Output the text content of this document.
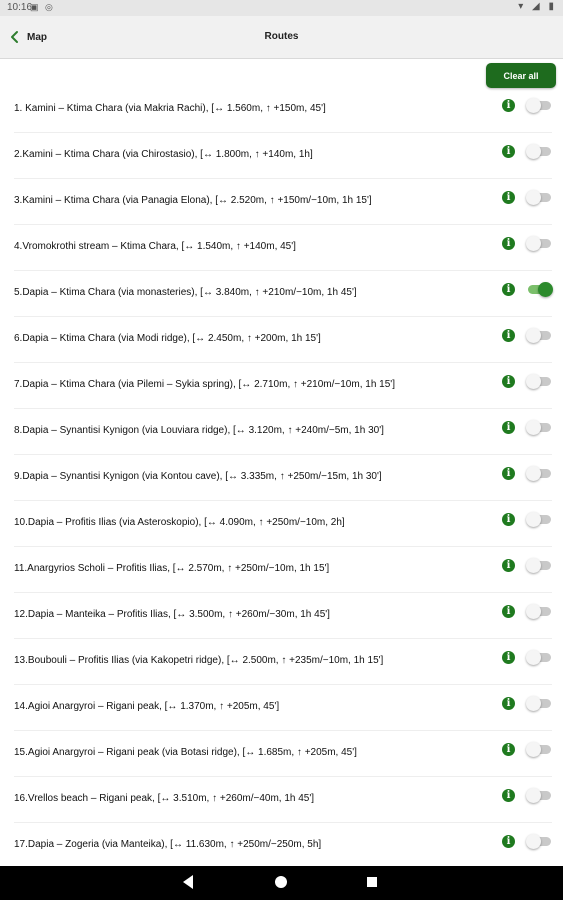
10:16
▣ ◎	▾ ◢ ▮
Map	Routes
Clear all
1. Kamini – Ktima Chara (via Makria Rachi), [↔ 1.560m, ↑ +150m, 45']	i
2.Kamini – Ktima Chara (via Chirostasio), [↔ 1.800m, ↑ +140m, 1h]	i
3.Kamini – Ktima Chara (via Panagia Elona), [↔ 2.520m, ↑ +150m/−10m, 1h 15']	i
4.Vromokrothi stream – Ktima Chara, [↔ 1.540m, ↑ +140m, 45']	i
5.Dapia – Ktima Chara (via monasteries), [↔ 3.840m, ↑ +210m/−10m, 1h 45']	i
6.Dapia – Ktima Chara (via Modi ridge), [↔ 2.450m, ↑ +200m, 1h 15']	i
7.Dapia – Ktima Chara (via Pilemi – Sykia spring), [↔ 2.710m, ↑ +210m/−10m, 1h 15']	i
8.Dapia – Synantisi Kynigon (via Louviara ridge), [↔ 3.120m, ↑ +240m/−5m, 1h 30']	i
9.Dapia – Synantisi Kynigon (via Kontou cave), [↔ 3.335m, ↑ +250m/−15m, 1h 30']	i
10.Dapia – Profitis Ilias (via Asteroskopio), [↔ 4.090m, ↑ +250m/−10m, 2h]	i
11.Anargyrios Scholi – Profitis Ilias, [↔ 2.570m, ↑ +250m/−10m, 1h 15']	i
12.Dapia – Manteika – Profitis Ilias, [↔ 3.500m, ↑ +260m/−30m, 1h 45']	i
13.Boubouli – Profitis Ilias (via Kakopetri ridge), [↔ 2.500m, ↑ +235m/−10m, 1h 15']	i
14.Agioi Anargyroi – Rigani peak, [↔ 1.370m, ↑ +205m, 45']	i
15.Agioi Anargyroi – Rigani peak (via Botasi ridge), [↔ 1.685m, ↑ +205m, 45']	i
16.Vrellos beach – Rigani peak, [↔ 3.510m, ↑ +260m/−40m, 1h 45']	i
17.Dapia – Zogeria (via Manteika), [↔ 11.630m, ↑ +250m/−250m, 5h]	i
